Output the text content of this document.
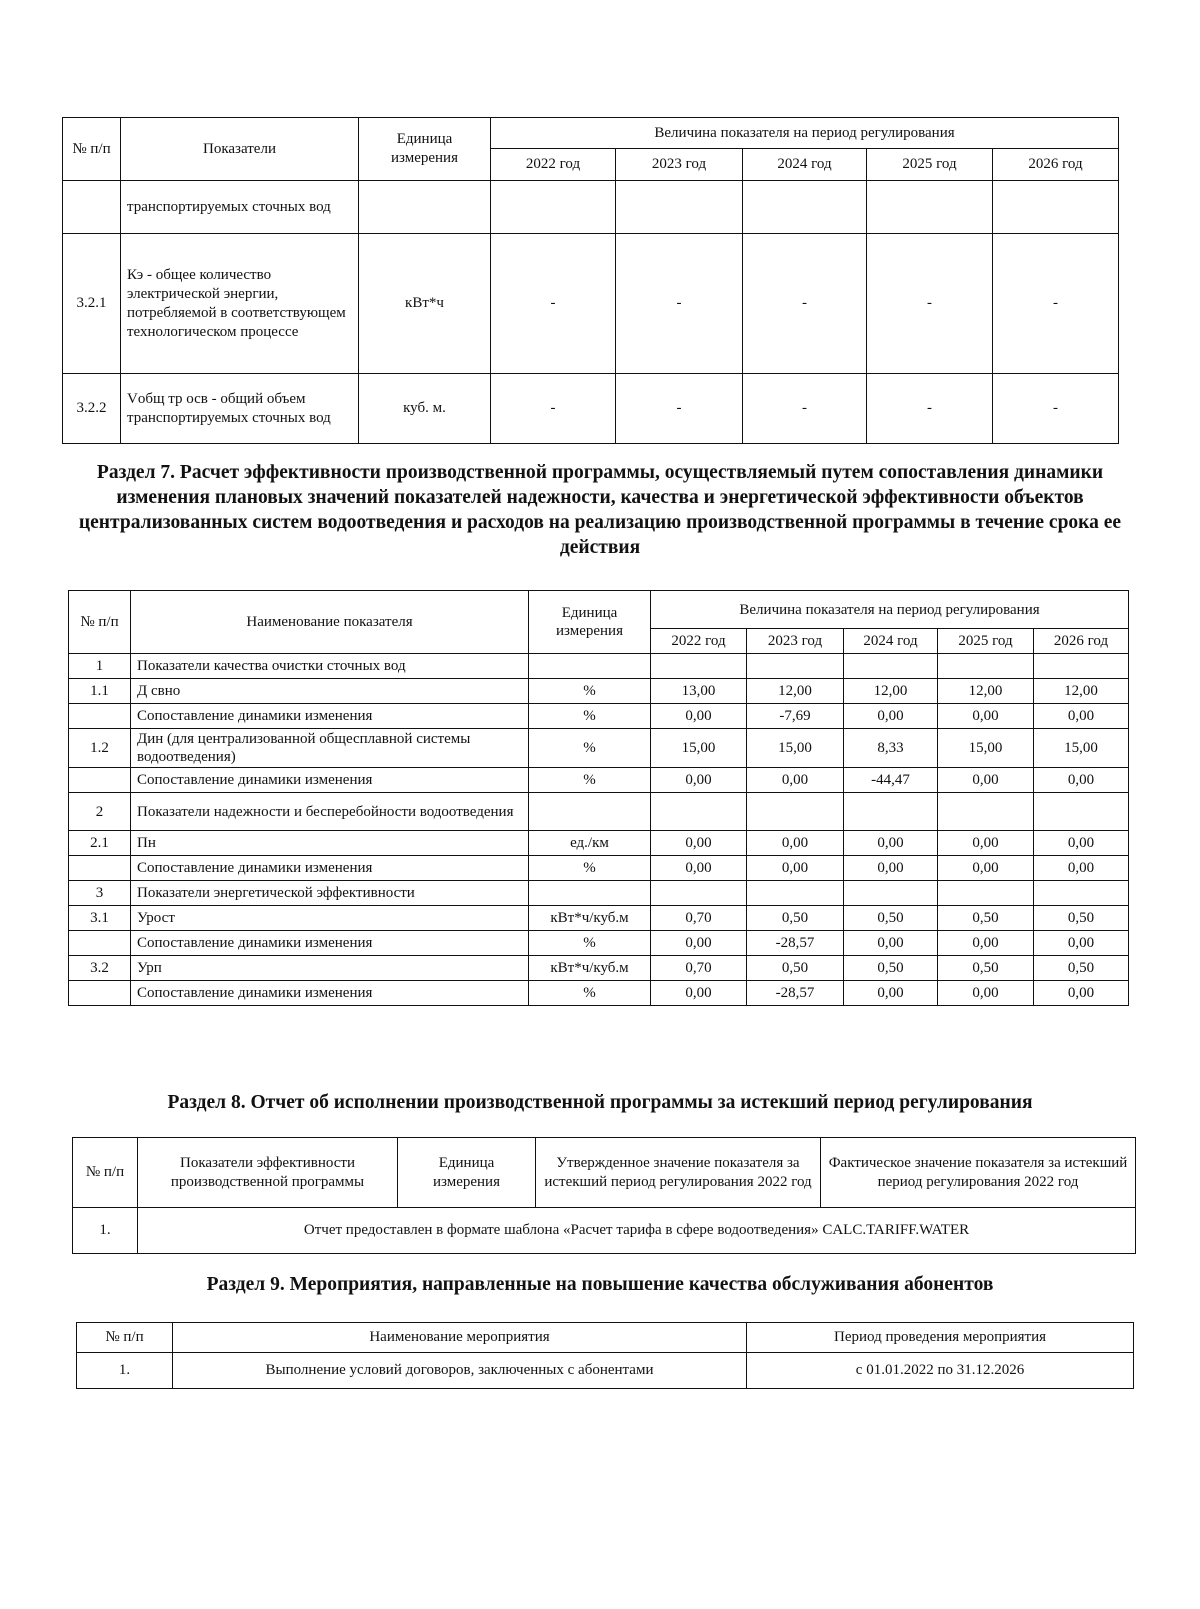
№ п/п	Показатели	Единица измерения	Величина показателя на период регулирования				
			2022 год	2023 год	2024 год	2025 год	2026 год
	транспортируемых сточных вод						
3.2.1	Кэ - общее количество электрической энергии, потребляемой в соответствующем технологическом процессе	кВт*ч	-	-	-	-	-
3.2.2	Vобщ тр осв - общий объем транспортируемых сточных вод	куб. м.	-	-	-	-	-
Раздел 7. Расчет эффективности производственной программы, осуществляемый путем сопоставления динамики изменения плановых значений показателей надежности, качества и энергетической эффективности объектов централизованных систем водоотведения и расходов на реализацию производственной программы в течение срока ее действия
№ п/п	Наименование показателя	Единица измерения	Величина показателя на период регулирования				
			2022 год	2023 год	2024 год	2025 год	2026 год
1	Показатели качества очистки сточных вод						
1.1	Д свно	%	13,00	12,00	12,00	12,00	12,00
	Сопоставление динамики изменения	%	0,00	-7,69	0,00	0,00	0,00
1.2	Дин (для централизованной общесплавной системы водоотведения)	%	15,00	15,00	8,33	15,00	15,00
	Сопоставление динамики изменения	%	0,00	0,00	-44,47	0,00	0,00
2	Показатели надежности и бесперебойности водоотведения						
2.1	Пн	ед./км	0,00	0,00	0,00	0,00	0,00
	Сопоставление динамики изменения	%	0,00	0,00	0,00	0,00	0,00
3	Показатели энергетической эффективности						
3.1	Урост	кВт*ч/куб.м	0,70	0,50	0,50	0,50	0,50
	Сопоставление динамики изменения	%	0,00	-28,57	0,00	0,00	0,00
3.2	Урп	кВт*ч/куб.м	0,70	0,50	0,50	0,50	0,50
	Сопоставление динамики изменения	%	0,00	-28,57	0,00	0,00	0,00
Раздел 8. Отчет об исполнении производственной программы за истекший период регулирования
№ п/п	Показатели эффективности производственной программы	Единица измерения	Утвержденное значение показателя за истекший период регулирования 2022 год	Фактическое значение показателя за истекший период регулирования 2022 год
1.	Отчет предоставлен в формате шаблона «Расчет тарифа в сфере водоотведения» CALC.TARIFF.WATER			
Раздел 9. Мероприятия, направленные на повышение качества обслуживания абонентов
№ п/п	Наименование мероприятия	Период проведения мероприятия
1.	Выполнение условий договоров, заключенных с абонентами	с 01.01.2022 по 31.12.2026
